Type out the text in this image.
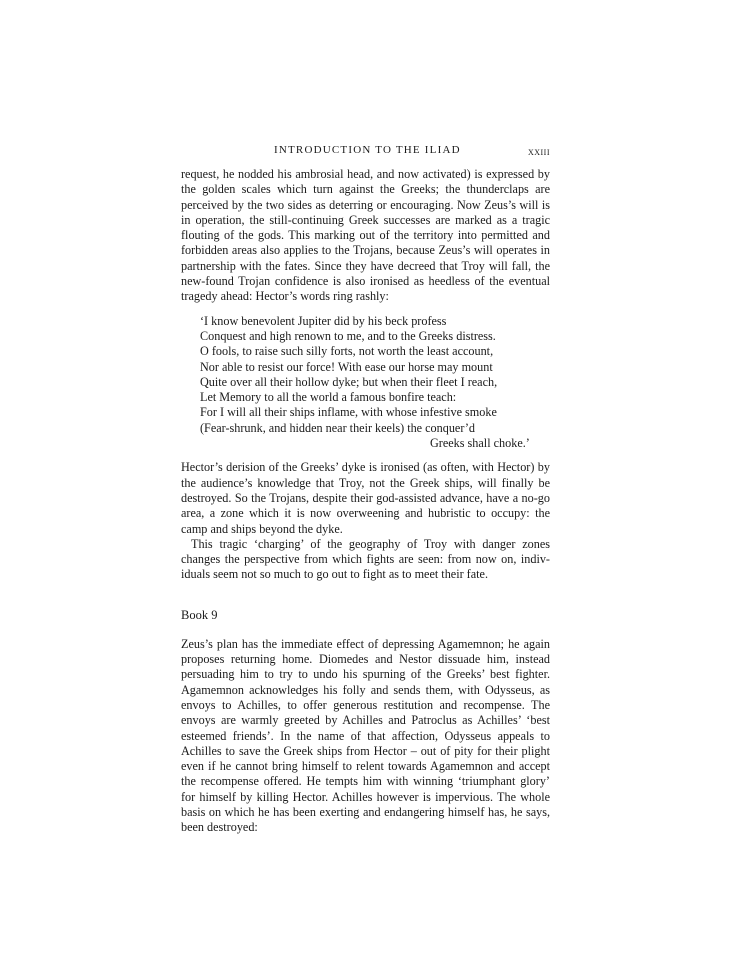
INTRODUCTION TO THE ILIAD	xxiii

request, he nodded his ambrosial head, and now activated) is expressed by the golden scales which turn against the Greeks; the thunderclaps are perceived by the two sides as deterring or encouraging. Now Zeus’s will is in operation, the still-continuing Greek successes are marked as a tragic flouting of the gods. This marking out of the territory into permitted and forbidden areas also applies to the Trojans, because Zeus’s will operates in partnership with the fates. Since they have decreed that Troy will fall, the new-found Trojan confidence is also ironised as heedless of the eventual tragedy ahead: Hector’s words ring rashly:

‘I know benevolent Jupiter did by his beck profess
Conquest and high renown to me, and to the Greeks distress.
O fools, to raise such silly forts, not worth the least account,
Nor able to resist our force! With ease our horse may mount
Quite over all their hollow dyke; but when their fleet I reach,
Let Memory to all the world a famous bonfire teach:
For I will all their ships inflame, with whose infestive smoke
(Fear-shrunk, and hidden near their keels) the conquer’d
Greeks shall choke.’

Hector’s derision of the Greeks’ dyke is ironised (as often, with Hector) by the audience’s knowledge that Troy, not the Greek ships, will finally be destroyed. So the Trojans, despite their god-assisted advance, have a no-go area, a zone which it is now overweening and hubristic to occupy: the camp and ships beyond the dyke.

This tragic ‘charging’ of the geography of Troy with danger zones changes the perspective from which fights are seen: from now on, indiv-iduals seem not so much to go out to fight as to meet their fate.

Book 9

Zeus’s plan has the immediate effect of depressing Agamemnon; he again proposes returning home. Diomedes and Nestor dissuade him, instead persuading him to try to undo his spurning of the Greeks’ best fighter. Agamemnon acknowledges his folly and sends them, with Odysseus, as envoys to Achilles, to offer generous restitution and recompense. The envoys are warmly greeted by Achilles and Patroclus as Achilles’ ‘best esteemed friends’. In the name of that affection, Odysseus appeals to Achilles to save the Greek ships from Hector – out of pity for their plight even if he cannot bring himself to relent towards Agamemnon and accept the recompense offered. He tempts him with winning ‘triumphant glory’ for himself by killing Hector. Achilles however is impervious. The whole basis on which he has been exerting and endangering himself has, he says, been destroyed:
